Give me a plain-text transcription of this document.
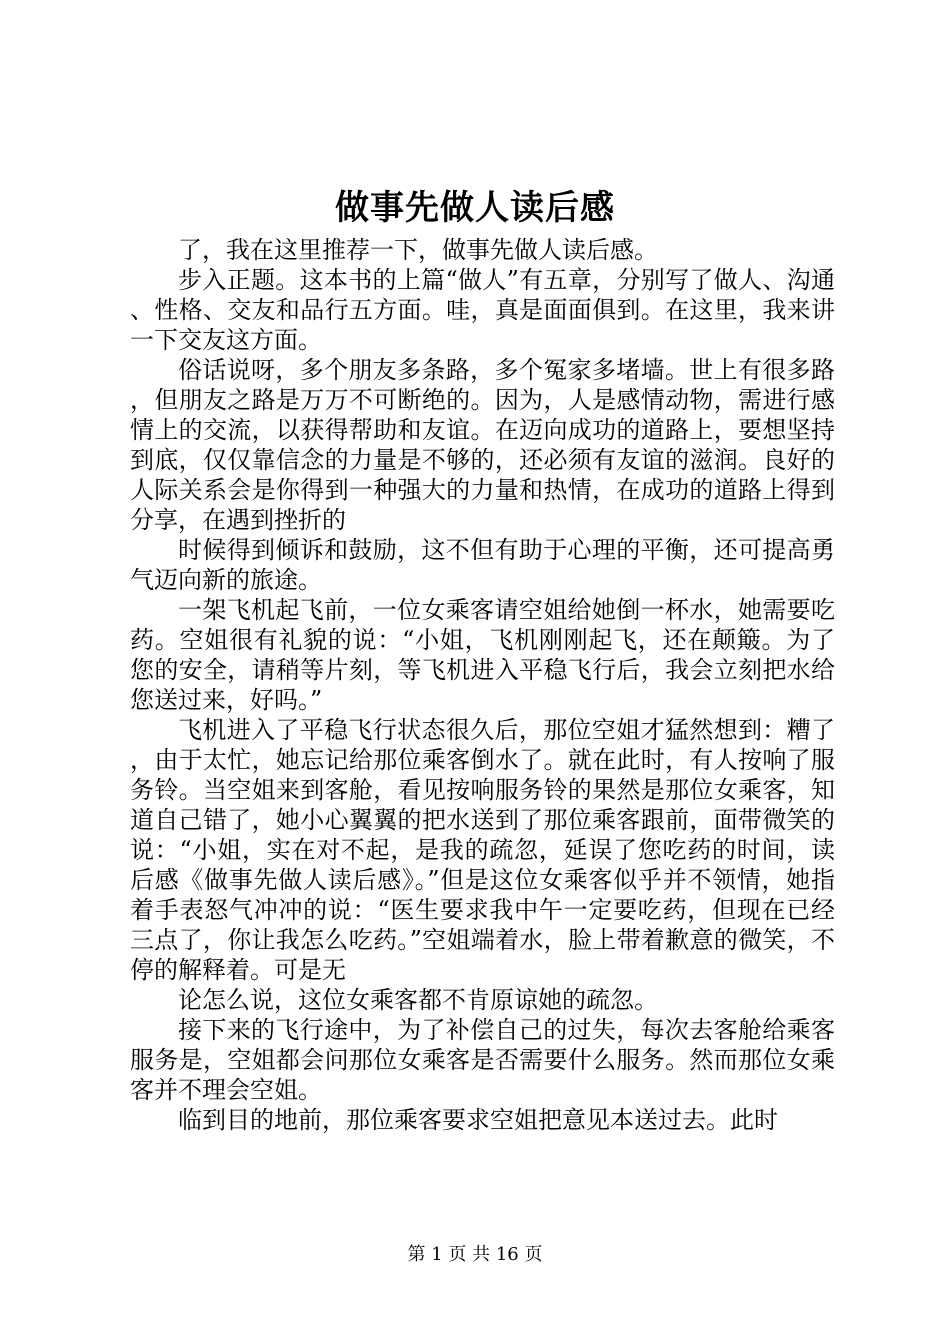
做事先做人读后感

了，我在这里推荐一下，做事先做人读后感。

步入正题。这本书的上篇“做人”有五章，分别写了做人、沟通、性格、交友和品行五方面。哇，真是面面俱到。在这里，我来讲一下交友这方面。

俗话说呀，多个朋友多条路，多个冤家多堵墙。世上有很多路，但朋友之路是万万不可断绝的。因为，人是感情动物，需进行感情上的交流，以获得帮助和友谊。在迈向成功的道路上，要想坚持到底，仅仅靠信念的力量是不够的，还必须有友谊的滋润。良好的人际关系会是你得到一种强大的力量和热情，在成功的道路上得到分享，在遇到挫折的

时候得到倾诉和鼓励，这不但有助于心理的平衡，还可提高勇气迈向新的旅途。

一架飞机起飞前，一位女乘客请空姐给她倒一杯水，她需要吃药。空姐很有礼貌的说：“小姐，飞机刚刚起飞，还在颠簸。为了您的安全，请稍等片刻，等飞机进入平稳飞行后，我会立刻把水给您送过来，好吗。”

飞机进入了平稳飞行状态很久后，那位空姐才猛然想到：糟了，由于太忙，她忘记给那位乘客倒水了。就在此时，有人按响了服务铃。当空姐来到客舱，看见按响服务铃的果然是那位女乘客，知道自己错了，她小心翼翼的把水送到了那位乘客跟前，面带微笑的说：“小姐，实在对不起，是我的疏忽，延误了您吃药的时间，读后感《做事先做人读后感》。”但是这位女乘客似乎并不领情，她指着手表怒气冲冲的说：“医生要求我中午一定要吃药，但现在已经三点了，你让我怎么吃药。”空姐端着水，脸上带着歉意的微笑，不停的解释着。可是无

论怎么说，这位女乘客都不肯原谅她的疏忽。

接下来的飞行途中，为了补偿自己的过失，每次去客舱给乘客服务是，空姐都会问那位女乘客是否需要什么服务。然而那位女乘客并不理会空姐。

临到目的地前，那位乘客要求空姐把意见本送过去。此时

第 1 页 共 16 页
